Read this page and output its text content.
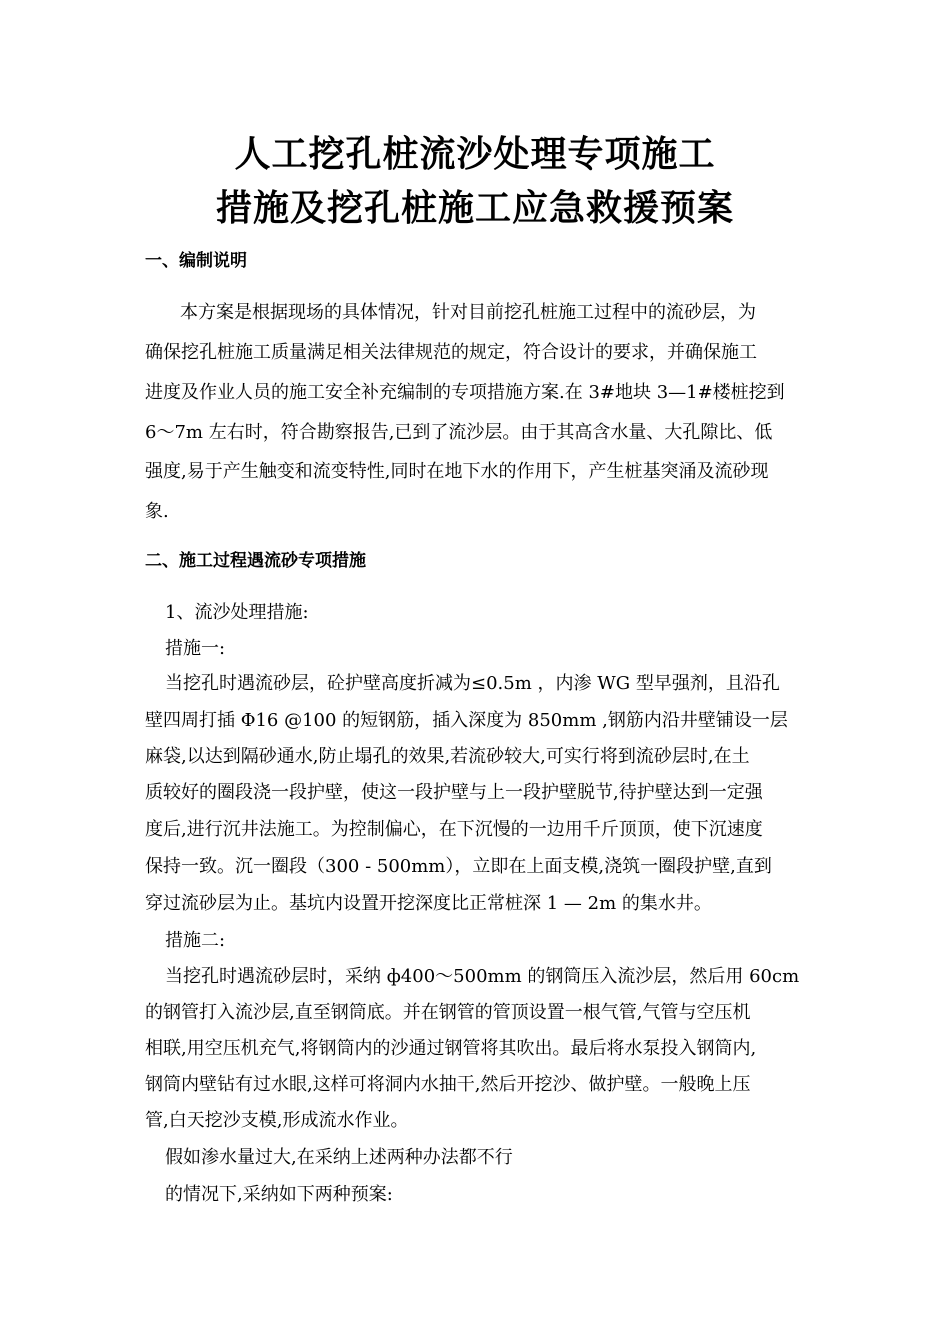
人工挖孔桩流沙处理专项施工
措施及挖孔桩施工应急救援预案
一、编制说明
本方案是根据现场的具体情况，针对目前挖孔桩施工过程中的流砂层，为
确保挖孔桩施工质量满足相关法律规范的规定，符合设计的要求，并确保施工
进度及作业人员的施工安全补充编制的专项措施方案.在 3#地块 3—1#楼桩挖到
6～7m 左右时，符合勘察报告,已到了流沙层。由于其高含水量、大孔隙比、低
强度,易于产生触变和流变特性,同时在地下水的作用下，产生桩基突涌及流砂现
象.
二、施工过程遇流砂专项措施
1、流沙处理措施:
措施一:
当挖孔时遇流砂层，砼护壁高度折减为≤0.5m ，内渗 WG 型早强剂，且沿孔
壁四周打插 Φ16 @100 的短钢筋，插入深度为 850mm ,钢筋内沿井壁铺设一层
麻袋,以达到隔砂通水,防止塌孔的效果,若流砂较大,可实行将到流砂层时,在土
质较好的圈段浇一段护壁，使这一段护壁与上一段护壁脱节,待护壁达到一定强
度后,进行沉井法施工。为控制偏心，在下沉慢的一边用千斤顶顶，使下沉速度
保持一致。沉一圈段（300 - 500mm），立即在上面支模,浇筑一圈段护壁,直到
穿过流砂层为止。基坑内设置开挖深度比正常桩深 1 — 2m 的集水井。
措施二:
当挖孔时遇流砂层时，采纳 ф400～500mm 的钢筒压入流沙层，然后用 60cm
的钢管打入流沙层,直至钢筒底。并在钢管的管顶设置一根气管,气管与空压机
相联,用空压机充气,将钢筒内的沙通过钢管将其吹出。最后将水泵投入钢筒内,
钢筒内壁钻有过水眼,这样可将洞内水抽干,然后开挖沙、做护壁。一般晚上压
管,白天挖沙支模,形成流水作业。
假如渗水量过大,在采纳上述两种办法都不行
的情况下,采纳如下两种预案:
